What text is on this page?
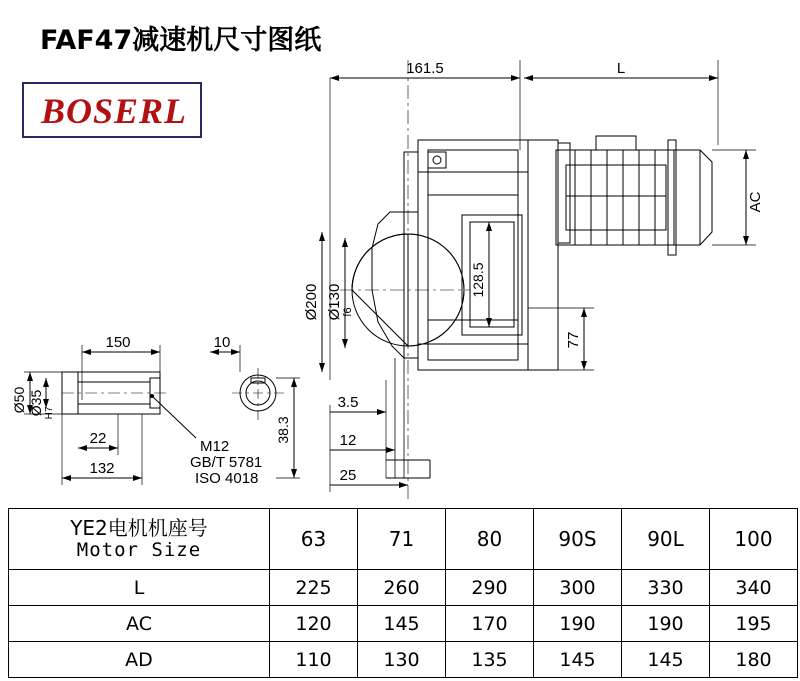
FAF47减速机尺寸图纸
BOSERL
161.5	L
AC
Ø200 Ø130 f6
128.5
77
3.5
12
25
150	10
Ø50 Ø35 H7
22
132
38.3
M12
GB/T 5781
ISO 4018
YE2电机机座号
Motor Size	63	71	80	90S	90L	100
L	225	260	290	300	330	340
AC	120	145	170	190	190	195
AD	110	130	135	145	145	180
